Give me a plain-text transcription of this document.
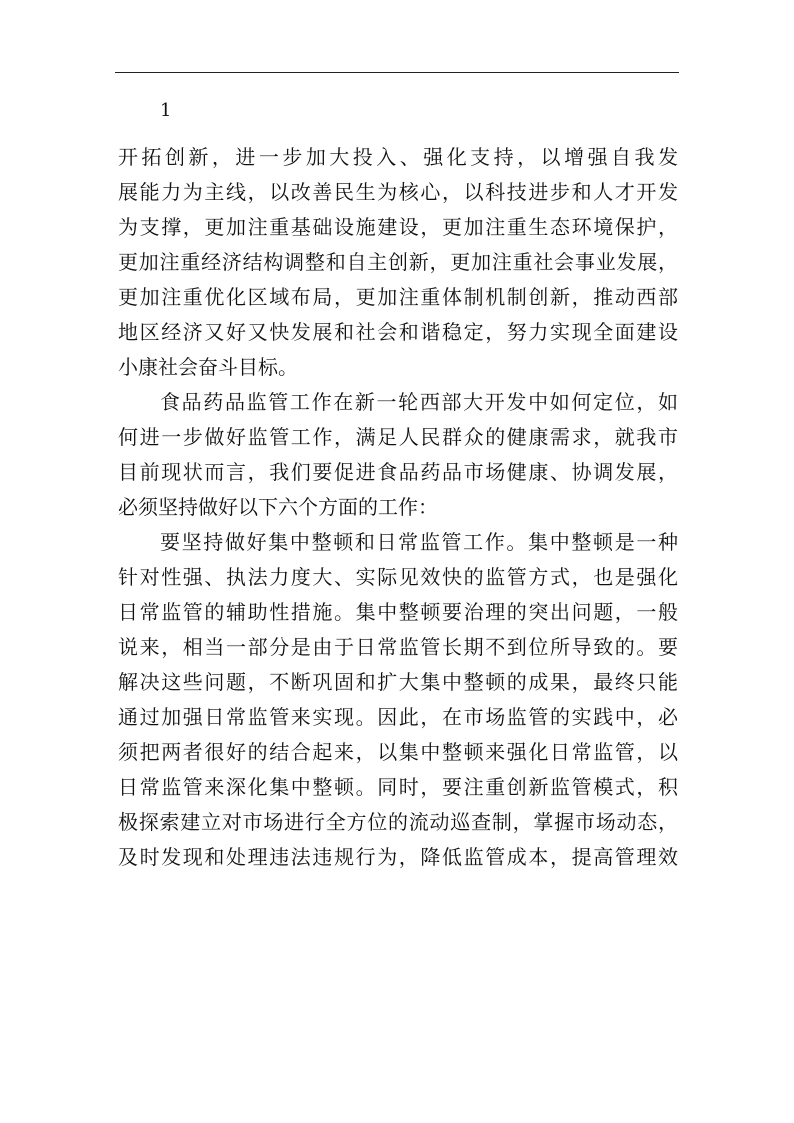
1
开拓创新，进一步加大投入、强化支持，以增强自我发
展能力为主线，以改善民生为核心，以科技进步和人才开发
为支撑，更加注重基础设施建设，更加注重生态环境保护，
更加注重经济结构调整和自主创新，更加注重社会事业发展，
更加注重优化区域布局，更加注重体制机制创新，推动西部
地区经济又好又快发展和社会和谐稳定，努力实现全面建设
小康社会奋斗目标。
食品药品监管工作在新一轮西部大开发中如何定位，如
何进一步做好监管工作，满足人民群众的健康需求，就我市
目前现状而言，我们要促进食品药品市场健康、协调发展，
必须坚持做好以下六个方面的工作：
要坚持做好集中整顿和日常监管工作。集中整顿是一种
针对性强、执法力度大、实际见效快的监管方式，也是强化
日常监管的辅助性措施。集中整顿要治理的突出问题，一般
说来，相当一部分是由于日常监管长期不到位所导致的。要
解决这些问题，不断巩固和扩大集中整顿的成果，最终只能
通过加强日常监管来实现。因此，在市场监管的实践中，必
须把两者很好的结合起来，以集中整顿来强化日常监管，以
日常监管来深化集中整顿。同时，要注重创新监管模式，积
极探索建立对市场进行全方位的流动巡查制，掌握市场动态，
及时发现和处理违法违规行为，降低监管成本，提高管理效
